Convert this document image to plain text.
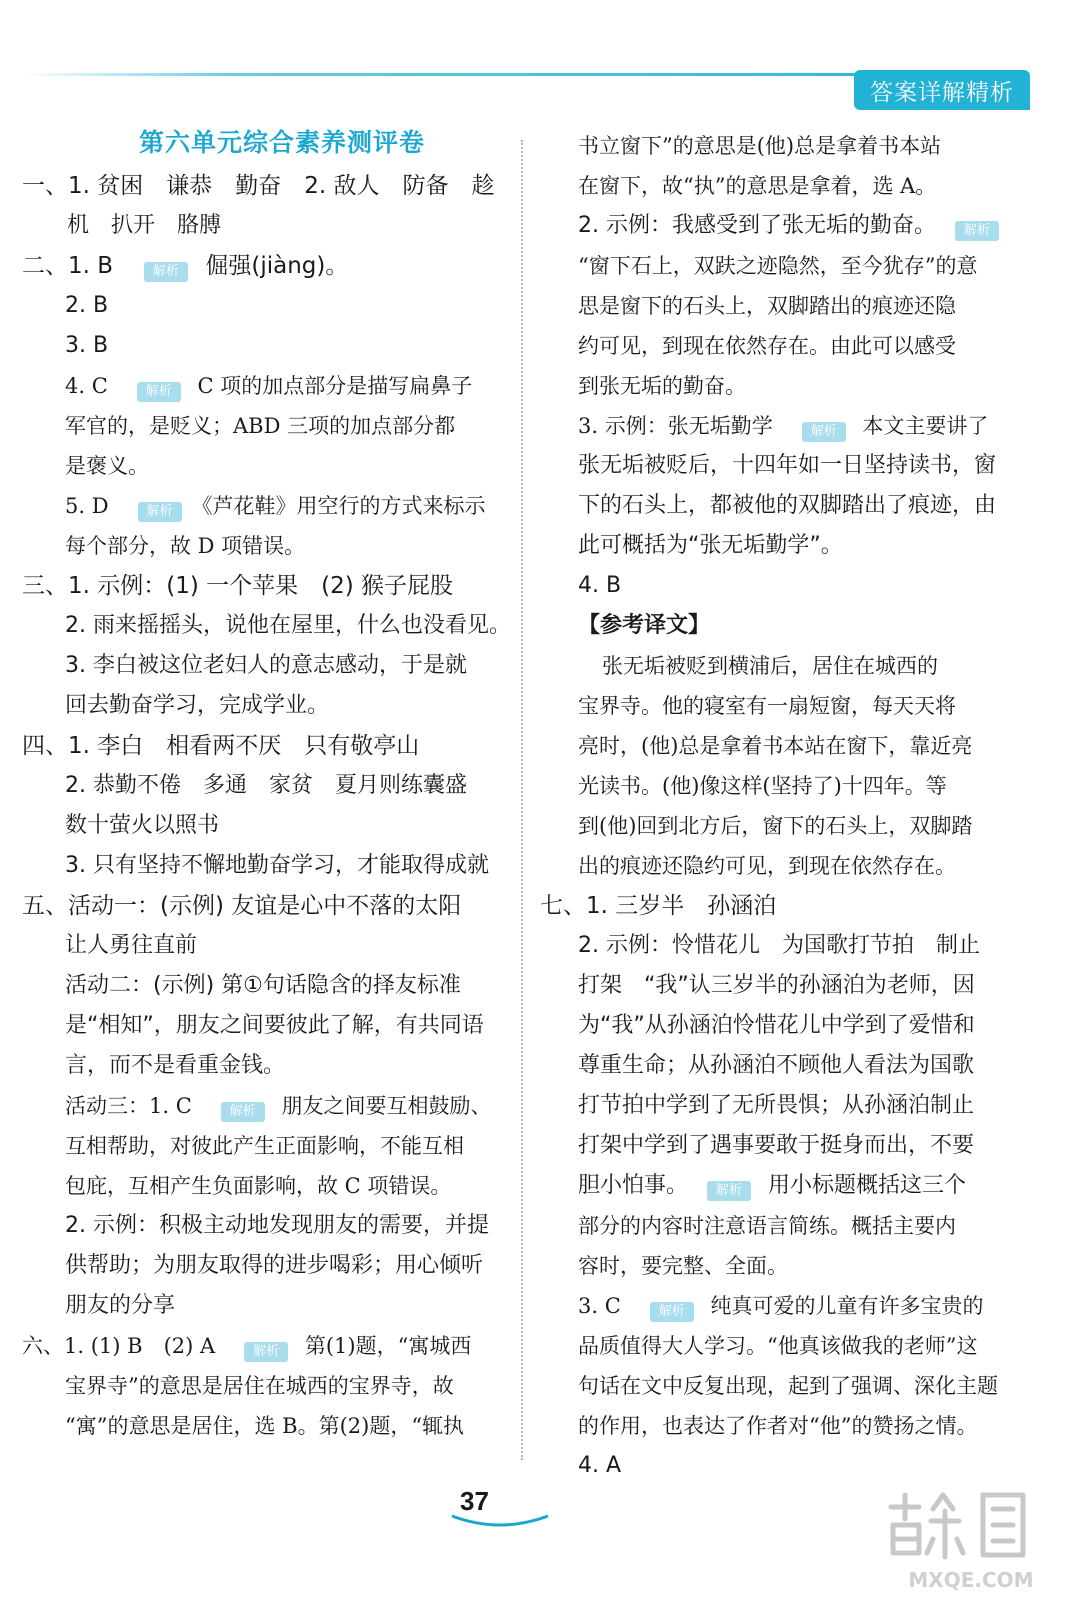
答案详解精析
第六单元综合素养测评卷
一、1. 贫困　谦恭　勤奋　2. 敌人　防备　趁
机　扒开　胳膊
二、1. B　解析 倔强(jiàng)。
2. B
3. B
4. C　解析 C 项的加点部分是描写扁鼻子
军官的，是贬义；ABD 三项的加点部分都
是褒义。
5. D　解析 《芦花鞋》用空行的方式来标示
每个部分，故 D 项错误。
三、1. 示例：(1) 一个苹果　(2) 猴子屁股
2. 雨来摇摇头，说他在屋里，什么也没看见。
3. 李白被这位老妇人的意志感动，于是就
回去勤奋学习，完成学业。
四、1. 李白　相看两不厌　只有敬亭山
2. 恭勤不倦　多通　家贫　夏月则练囊盛
数十萤火以照书
3. 只有坚持不懈地勤奋学习，才能取得成就
五、活动一：(示例) 友谊是心中不落的太阳
让人勇往直前
活动二：(示例) 第①句话隐含的择友标准
是“相知”，朋友之间要彼此了解，有共同语
言，而不是看重金钱。
活动三：1. C　解析 朋友之间要互相鼓励、
互相帮助，对彼此产生正面影响，不能互相
包庇，互相产生负面影响，故 C 项错误。
2. 示例：积极主动地发现朋友的需要，并提
供帮助；为朋友取得的进步喝彩；用心倾听
朋友的分享
六、1. (1) B　(2) A　解析 第(1)题，“寓城西
宝界寺”的意思是居住在城西的宝界寺，故
“寓”的意思是居住，选 B。第(2)题，“辄执
书立窗下”的意思是(他)总是拿着书本站
在窗下，故“执”的意思是拿着，选 A。
2. 示例：我感受到了张无垢的勤奋。　解析
“窗下石上，双趺之迹隐然，至今犹存”的意
思是窗下的石头上，双脚踏出的痕迹还隐
约可见，到现在依然存在。由此可以感受
到张无垢的勤奋。
3. 示例：张无垢勤学　解析 本文主要讲了
张无垢被贬后，十四年如一日坚持读书，窗
下的石头上，都被他的双脚踏出了痕迹，由
此可概括为“张无垢勤学”。
4. B
【参考译文】
张无垢被贬到横浦后，居住在城西的
宝界寺。他的寝室有一扇短窗，每天天将
亮时，(他)总是拿着书本站在窗下，靠近亮
光读书。(他)像这样(坚持了)十四年。等
到(他)回到北方后，窗下的石头上，双脚踏
出的痕迹还隐约可见，到现在依然存在。
七、1. 三岁半　孙涵泊
2. 示例：怜惜花儿　为国歌打节拍　制止
打架　“我”认三岁半的孙涵泊为老师，因
为“我”从孙涵泊怜惜花儿中学到了爱惜和
尊重生命；从孙涵泊不顾他人看法为国歌
打节拍中学到了无所畏惧；从孙涵泊制止
打架中学到了遇事要敢于挺身而出，不要
胆小怕事。　解析 用小标题概括这三个
部分的内容时注意语言简练。概括主要内
容时，要完整、全面。
3. C　解析 纯真可爱的儿童有许多宝贵的
品质值得大人学习。“他真该做我的老师”这
句话在文中反复出现，起到了强调、深化主题
的作用，也表达了作者对“他”的赞扬之情。
4. A
37
MXQE.COM
